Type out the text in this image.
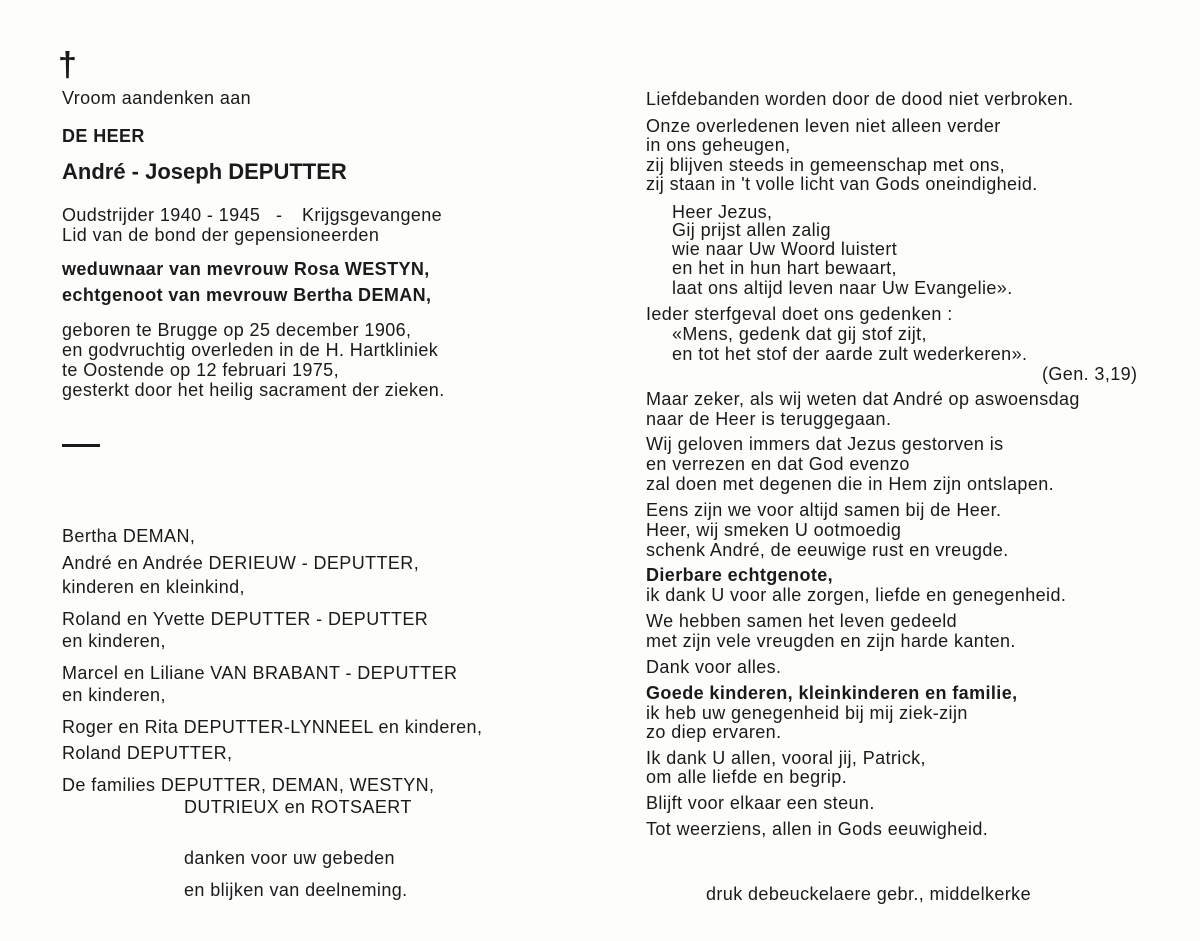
†
Vroom aandenken aan
DE HEER
André - Joseph DEPUTTER
Oudstrijder 1940 - 1945 - Krijgsgevangene
Lid van de bond der gepensioneerden
weduwnaar van mevrouw Rosa WESTYN,
echtgenoot van mevrouw Bertha DEMAN,
geboren te Brugge op 25 december 1906,
en godvruchtig overleden in de H. Hartkliniek
te Oostende op 12 februari 1975,
gesterkt door het heilig sacrament der zieken.
Bertha DEMAN,
André en Andrée DERIEUW - DEPUTTER,
kinderen en kleinkind,
Roland en Yvette DEPUTTER - DEPUTTER
en kinderen,
Marcel en Liliane VAN BRABANT - DEPUTTER
en kinderen,
Roger en Rita DEPUTTER-LYNNEEL en kinderen,
Roland DEPUTTER,
De families DEPUTTER, DEMAN, WESTYN,
DUTRIEUX en ROTSAERT
danken voor uw gebeden
en blijken van deelneming.
Liefdebanden worden door de dood niet verbroken.
Onze overledenen leven niet alleen verder
in ons geheugen,
zij blijven steeds in gemeenschap met ons,
zij staan in 't volle licht van Gods oneindigheid.
Heer Jezus,
Gij prijst allen zalig
wie naar Uw Woord luistert
en het in hun hart bewaart,
laat ons altijd leven naar Uw Evangelie».
Ieder sterfgeval doet ons gedenken :
«Mens, gedenk dat gij stof zijt,
en tot het stof der aarde zult wederkeren».
(Gen. 3,19)
Maar zeker, als wij weten dat André op aswoensdag
naar de Heer is teruggegaan.
Wij geloven immers dat Jezus gestorven is
en verrezen en dat God evenzo
zal doen met degenen die in Hem zijn ontslapen.
Eens zijn we voor altijd samen bij de Heer.
Heer, wij smeken U ootmoedig
schenk André, de eeuwige rust en vreugde.
Dierbare echtgenote,
ik dank U voor alle zorgen, liefde en genegenheid.
We hebben samen het leven gedeeld
met zijn vele vreugden en zijn harde kanten.
Dank voor alles.
Goede kinderen, kleinkinderen en familie,
ik heb uw genegenheid bij mij ziek-zijn
zo diep ervaren.
Ik dank U allen, vooral jij, Patrick,
om alle liefde en begrip.
Blijft voor elkaar een steun.
Tot weerziens, allen in Gods eeuwigheid.
druk debeuckelaere gebr., middelkerke
